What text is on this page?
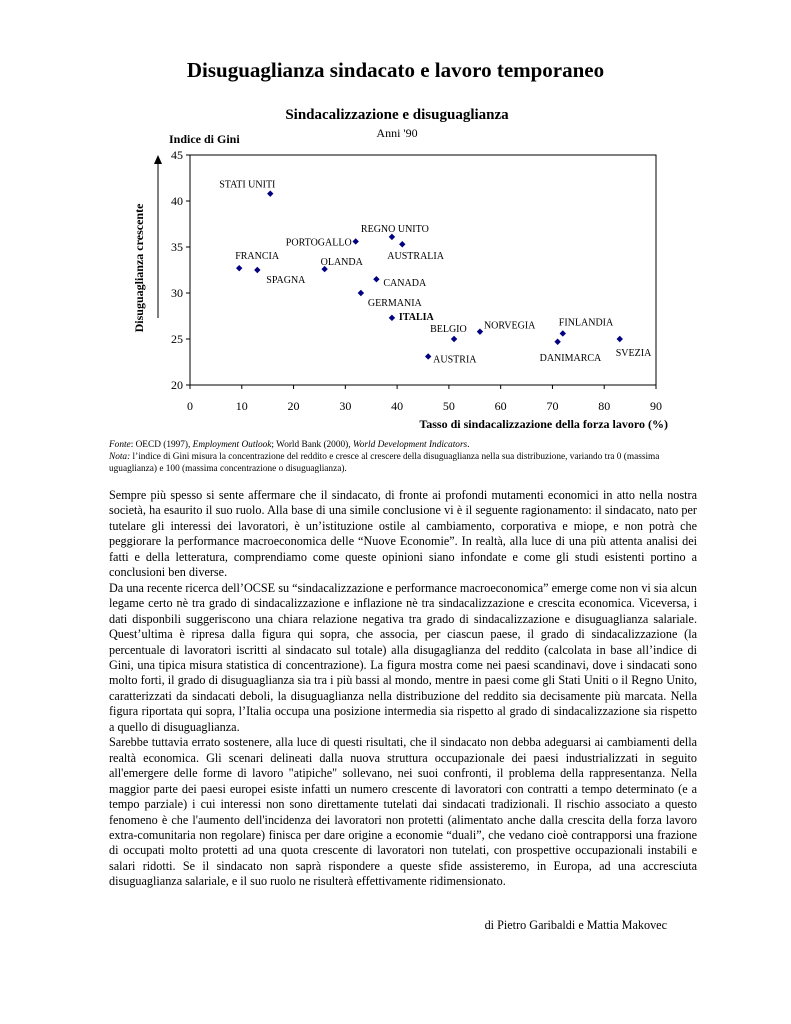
Disuguaglianza sindacato e lavoro temporaneo
Sindacalizzazione e disuguaglianza
Anni '90
Indice di Gini
Disuguaglianza crescente
0	10	20	30	40	50	60	70	80	90
20
25
30
35
40
45
STATI UNITI
REGNO UNITO
PORTOGALLO
AUSTRALIA
FRANCIA
SPAGNA
OLANDA
CANADA
GERMANIA
ITALIA
NORVEGIA
BELGIO
AUSTRIA
FINLANDIA
DANIMARCA SVEZIA
Tasso di sindacalizzazione della forza lavoro (%)
Fonte: OECD (1997), Employment Outlook; World Bank (2000), World Development Indicators.
Nota: l’indice di Gini misura la concentrazione del reddito e cresce al crescere della disuguaglianza nella sua distribuzione, variando tra 0 (massima uguaglianza) e 100 (massima concentrazione o disuguaglianza).

Sempre più spesso si sente affermare che il sindacato, di fronte ai profondi mutamenti economici in atto nella nostra società, ha esaurito il suo ruolo. Alla base di una simile conclusione vi è il seguente ragionamento: il sindacato, nato per tutelare gli interessi dei lavoratori, è un’istituzione ostile al cambiamento, corporativa e miope, e non potrà che peggiorare la performance macroeconomica delle “Nuove Economie”. In realtà, alla luce di una più attenta analisi dei fatti e della letteratura, comprendiamo come queste opinioni siano infondate e come gli studi esistenti portino a conclusioni ben diverse.

Da una recente ricerca dell’OCSE su “sindacalizzazione e performance macroeconomica” emerge come non vi sia alcun legame certo nè tra grado di sindacalizzazione e inflazione nè tra sindacalizzazione e crescita economica. Viceversa, i dati disponbili suggeriscono una chiara relazione negativa tra grado di sindacalizzazione e disuguaglianza salariale. Quest’ultima è ripresa dalla figura qui sopra, che associa, per ciascun paese, il grado di sindacalizzazione (la percentuale di lavoratori iscritti al sindacato sul totale) alla disugaglianza del reddito (calcolata in base all’indice di Gini, una tipica misura statistica di concentrazione). La figura mostra come nei paesi scandinavi, dove i sindacati sono molto forti, il grado di disuguaglianza sia tra i più bassi al mondo, mentre in paesi come gli Stati Uniti o il Regno Unito, caratterizzati da sindacati deboli, la disuguaglianza nella distribuzione del reddito sia decisamente più marcata. Nella figura riportata qui sopra, l’Italia occupa una posizione intermedia sia rispetto al grado di sindacalizzazione sia rispetto a quello di disuguaglianza.

Sarebbe tuttavia errato sostenere, alla luce di questi risultati, che il sindacato non debba adeguarsi ai cambiamenti della realtà economica. Gli scenari delineati dalla nuova struttura occupazionale dei paesi industrializzati in seguito all'emergere delle forme di lavoro "atipiche" sollevano, nei suoi confronti, il problema della rappresentanza. Nella maggior parte dei paesi europei esiste infatti un numero crescente di lavoratori con contratti a tempo determinato (e a tempo parziale) i cui interessi non sono direttamente tutelati dai sindacati tradizionali. Il rischio associato a questo fenomeno è che l'aumento dell'incidenza dei lavoratori non protetti (alimentato anche dalla crescita della forza lavoro extra-comunitaria non regolare) finisca per dare origine a economie “duali”, che vedano cioè contrapporsi una frazione di occupati molto protetti ad una quota crescente di lavoratori non tutelati, con prospettive occupazionali instabili e salari ridotti. Se il sindacato non saprà rispondere a queste sfide assisteremo, in Europa, ad una accresciuta disuguaglianza salariale, e il suo ruolo ne risulterà effettivamente ridimensionato.

di Pietro Garibaldi e Mattia Makovec
